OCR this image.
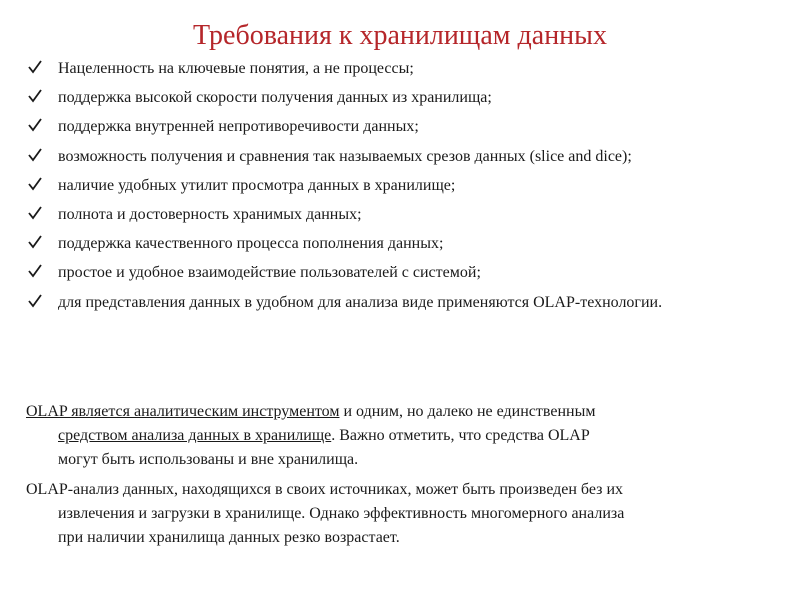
Требования к хранилищам данных
Нацеленность на ключевые понятия, а не процессы;
поддержка высокой скорости получения данных из хранилища;
поддержка внутренней непротиворечивости данных;
возможность получения и сравнения так называемых срезов данных (slice and dice);
наличие удобных утилит просмотра данных в хранилище;
полнота и достоверность хранимых данных;
поддержка качественного процесса пополнения данных;
простое и удобное взаимодействие пользователей с системой;
для представления данных в удобном для анализа виде применяются OLAP-технологии.
OLAP является аналитическим инструментом и одним, но далеко не единственным
средством анализа данных в хранилище. Важно отметить, что средства OLAP
могут быть использованы и вне хранилища.
OLAP-анализ данных, находящихся в своих источниках, может быть произведен без их
извлечения и загрузки в хранилище. Однако эффективность многомерного анализа
при наличии хранилища данных резко возрастает.
